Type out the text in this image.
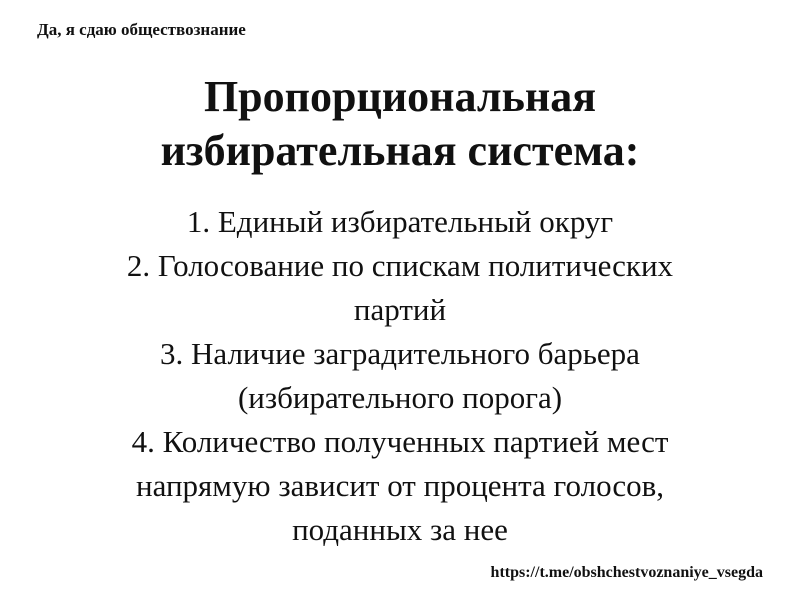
Да, я сдаю обществознание
Пропорциональная
избирательная система:
1. Единый избирательный округ
2. Голосование по спискам политических
партий
3. Наличие заградительного барьера
(избирательного порога)
4. Количество полученных партией мест
напрямую зависит от процента голосов,
поданных за нее
https://t.me/obshchestvoznaniye_vsegda
